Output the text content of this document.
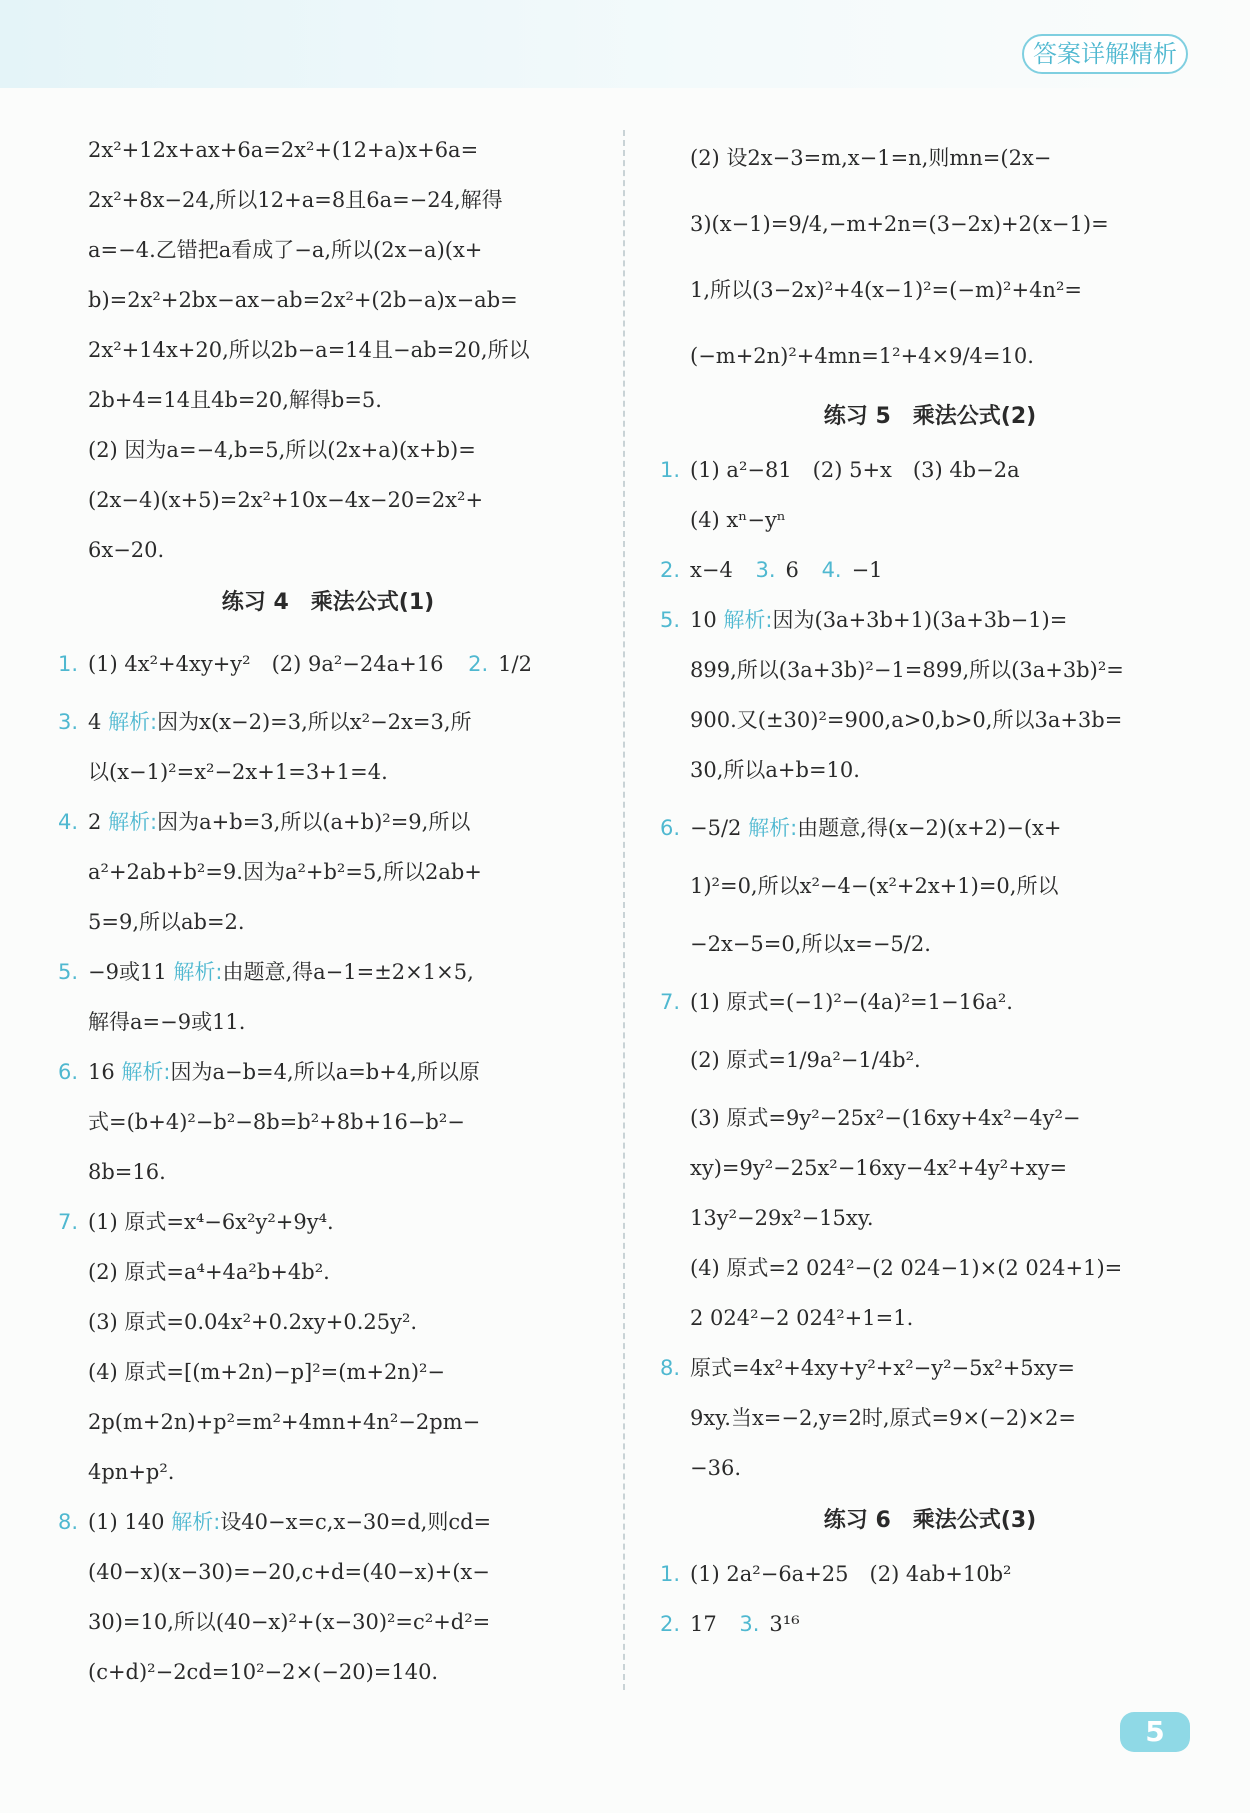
答案详解精析
2x²+12x+ax+6a=2x²+(12+a)x+6a=
2x²+8x−24,所以12+a=8且6a=−24,解得
a=−4.乙错把a看成了−a,所以(2x−a)(x+
b)=2x²+2bx−ax−ab=2x²+(2b−a)x−ab=
2x²+14x+20,所以2b−a=14且−ab=20,所以
2b+4=14且4b=20,解得b=5.
(2) 因为a=−4,b=5,所以(2x+a)(x+b)=
(2x−4)(x+5)=2x²+10x−4x−20=2x²+
6x−20.
练习 4　乘法公式(1)
1. (1) 4x²+4xy+y²　(2) 9a²−24a+16 2. 1/2
3. 4 解析:因为x(x−2)=3,所以x²−2x=3,所
以(x−1)²=x²−2x+1=3+1=4.
4. 2 解析:因为a+b=3,所以(a+b)²=9,所以
a²+2ab+b²=9.因为a²+b²=5,所以2ab+
5=9,所以ab=2.
5. −9或11 解析:由题意,得a−1=±2×1×5,
解得a=−9或11.
6. 16 解析:因为a−b=4,所以a=b+4,所以原
式=(b+4)²−b²−8b=b²+8b+16−b²−
8b=16.
7. (1) 原式=x⁴−6x²y²+9y⁴.
(2) 原式=a⁴+4a²b+4b².
(3) 原式=0.04x²+0.2xy+0.25y².
(4) 原式=[(m+2n)−p]²=(m+2n)²−
2p(m+2n)+p²=m²+4mn+4n²−2pm−
4pn+p².
8. (1) 140 解析:设40−x=c,x−30=d,则cd=
(40−x)(x−30)=−20,c+d=(40−x)+(x−
30)=10,所以(40−x)²+(x−30)²=c²+d²=
(c+d)²−2cd=10²−2×(−20)=140.
(2) 设2x−3=m,x−1=n,则mn=(2x−
3)(x−1)=9/4,−m+2n=(3−2x)+2(x−1)=
1,所以(3−2x)²+4(x−1)²=(−m)²+4n²=
(−m+2n)²+4mn=1²+4×9/4=10.
练习 5　乘法公式(2)
1. (1) a²−81　(2) 5+x　(3) 4b−2a
(4) xⁿ−yⁿ
2. x−4 3. 6 4. −1
5. 10 解析:因为(3a+3b+1)(3a+3b−1)=
899,所以(3a+3b)²−1=899,所以(3a+3b)²=
900.又(±30)²=900,a>0,b>0,所以3a+3b=
30,所以a+b=10.
6. −5/2 解析:由题意,得(x−2)(x+2)−(x+
1)²=0,所以x²−4−(x²+2x+1)=0,所以
−2x−5=0,所以x=−5/2.
7. (1) 原式=(−1)²−(4a)²=1−16a².
(2) 原式=1/9a²−1/4b².
(3) 原式=9y²−25x²−(16xy+4x²−4y²−
xy)=9y²−25x²−16xy−4x²+4y²+xy=
13y²−29x²−15xy.
(4) 原式=2 024²−(2 024−1)×(2 024+1)=
2 024²−2 024²+1=1.
8. 原式=4x²+4xy+y²+x²−y²−5x²+5xy=
9xy.当x=−2,y=2时,原式=9×(−2)×2=
−36.
练习 6　乘法公式(3)
1. (1) 2a²−6a+25　(2) 4ab+10b²
2. 17 3. 3¹⁶
5
